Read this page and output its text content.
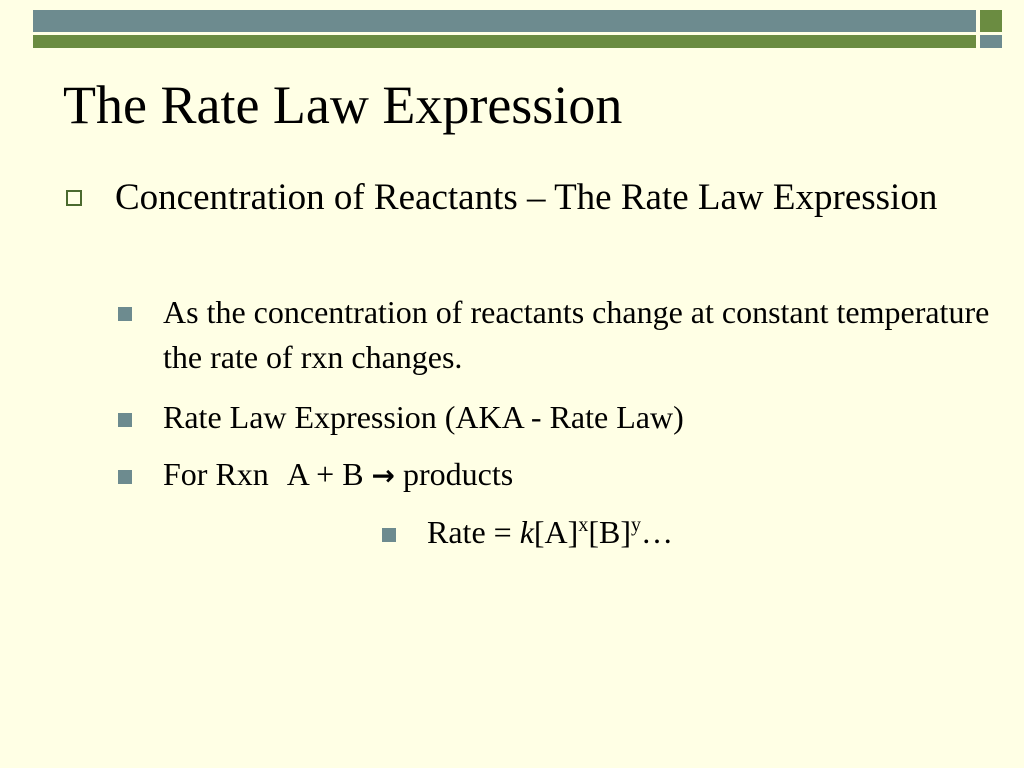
The Rate Law Expression
Concentration of Reactants – The Rate Law Expression
As the concentration of reactants change at constant temperature the rate of rxn changes.
Rate Law Expression (AKA - Rate Law)
For Rxn A + B → products
Rate = $k[A]^x[B]^y\dots$
